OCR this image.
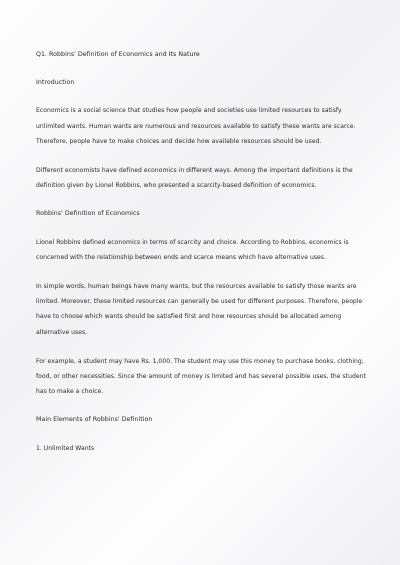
Q1. Robbins' Definition of Economics and Its Nature

Introduction

Economics is a social science that studies how people and societies use limited resources to satisfy unlimited wants. Human wants are numerous and resources available to satisfy these wants are scarce. Therefore, people have to make choices and decide how available resources should be used.

Different economists have defined economics in different ways. Among the important definitions is the definition given by Lionel Robbins, who presented a scarcity-based definition of economics.

Robbins' Definition of Economics

Lionel Robbins defined economics in terms of scarcity and choice. According to Robbins, economics is concerned with the relationship between ends and scarce means which have alternative uses.

In simple words, human beings have many wants, but the resources available to satisfy those wants are limited. Moreover, these limited resources can generally be used for different purposes. Therefore, people have to choose which wants should be satisfied first and how resources should be allocated among alternative uses.

For example, a student may have Rs. 1,000. The student may use this money to purchase books, clothing, food, or other necessities. Since the amount of money is limited and has several possible uses, the student has to make a choice.

Main Elements of Robbins' Definition

1. Unlimited Wants
